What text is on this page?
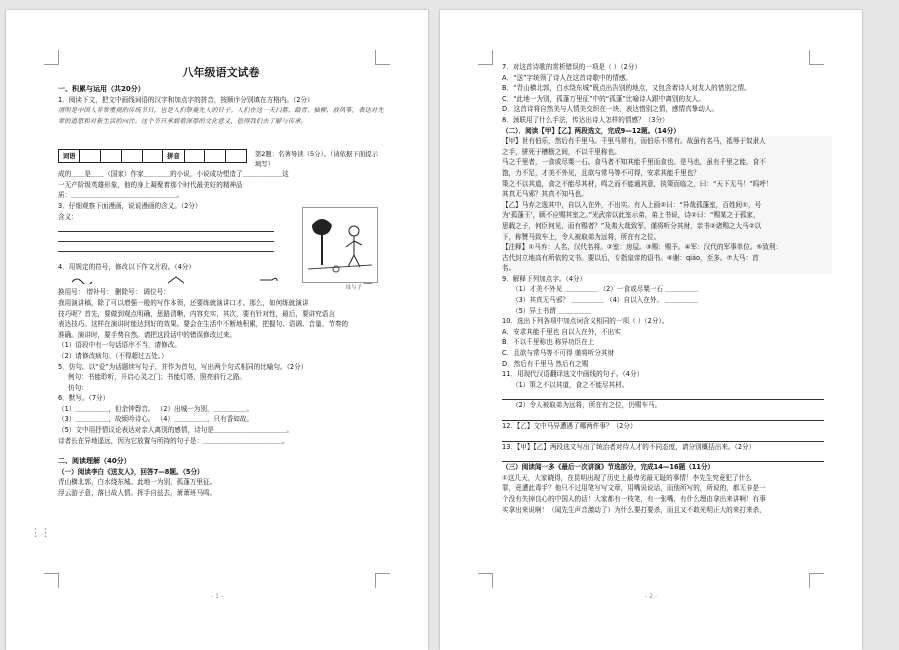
八年级语文试卷

一、积累与运用（共20分）

1．阅读下文，把文中画线词语的汉字和加点字的拼音，按顺序分别填在方格内。（2分）

清明是中国人非常重视的传统节日，也是人们祭奠先人的日子。人们在这一天扫墓、踏青、插柳、放风筝，表达对先辈的追思和对新生活的向往。这个节日承载着深厚的文化意义，值得我们去了解与传承。

词语					拼音				第2题：名著导读（5分）。（请依据下面提示填写）

成的＿＿是＿＿（国家）作家＿＿＿＿的小说，小说成功塑造了＿＿＿＿＿＿这

一无产阶级英雄形象，他的身上凝聚着那个时代最美好的精神品

质：＿＿＿＿＿＿＿＿＿＿＿＿＿＿＿＿。

3．仔细观察下面漫画，说说漫画的含义。（2分）

含义：

母与子

4．用规定的符号，修改以下作文片段。（4分）

换用号： 增补号： 删除号： 调位号：

我用演讲稿，除了可以增强一般的写作本领，还要练就演讲口才。那么，如何练就演讲

技巧呢？首先，要做到观点明确，思路清晰，内容充实，其次，要有针对性，最后，要讲究语言

表达技巧。这样在演讲时能达到好的效果。要会在生活中不断地积累，把握句、语调、音量、节奏的

准确。演讲时，要手势自然。请把这段话中的错误修改过来。

（1）语段中有一句话语序不当，请修改。

（2）请修改病句。（不得超过五处。）

5．仿句。以“爱”为话题续写句子，并作为首句，写出两个句式相同的比喻句。（2分）

例句：书能聆听，开启心灵之门；书能灯塔，照亮前行之路。

仿句：

6．默写。（7分）

（1）＿＿＿＿＿，但余钟磬音。 （2）出城一为别，＿＿＿＿＿。

（3）＿＿＿＿＿，故烦吟诗心。 （4）＿＿＿＿＿，只有香如故。

（5）文中用抒情议论表达对亲人离别的感情，诗句是＿＿＿＿＿＿＿＿＿＿＿。

诗者长在异地遥远，因为它放置与所持的句子是：＿＿＿＿＿＿＿＿＿＿＿＿。

二、阅读理解（40分）

（一）阅读李白《送友人》，回答7—8题。（5分）

青山横北郭，白水绕东城。此地一为别，孤蓬万里征。

浮云游子意，落日故人情。挥手自兹去，萧萧班马鸣。

- 1 -
⋮⋮

7．对这首诗歌的赏析错误的一项是（ ）（2分）

A．“送”字统领了诗人在这首诗歌中的情感。

B．“青山横北郭，白水绕东城”既点出告别的地点，又包含着诗人对友人的惜别之情。

C．“此地一为别，孤蓬万里征”中的“孤蓬”比喻诗人跟中离别的友人。

D．这首诗将自然美与人情美交织在一块，表达惜别之情，感情真挚动人。

8．颈联用了什么手法，传达出诗人怎样的情感？（3分）

（二）．阅读【甲】【乙】两段选文，完成9—12题。（14分）

【甲】世有伯乐，然后有千里马。千里马常有，而伯乐不常有。故虽有名马，祗辱于奴隶人

之手，骈死于槽枥之间，不以千里称也。

马之千里者，一食或尽粟一石。食马者不知其能千里而食也。是马也，虽有千里之能，食不

饱，力不足，才美不外见，且欲与常马等不可得，安求其能千里也？

策之不以其道，食之不能尽其材，鸣之而不能通其意，执策而临之，曰：“天下无马！”呜呼！

其真无马邪？其真不知马也。

【乙】马弃之逸其中，自以入在外，不出实。有人上画②曰：“异哉孤蓬室，百姓间①，号

为‘孤蓬王’，顾不应赐其室之。”光武帝以此室示弟，弟上书说，诗②曰：“赐某之于孤家，

思载之子，何臣何见，而有赐者？”及弗大哉致军，谨将听分其财，亲书②诸赐之大马②以

下，称赞马致车上，令人被取弟为远将，所在有之位。

【注释】①马弃：人名，汉代名将。②室：房屋。③赐：赐予。④军：汉代的军事单位。⑤致利：

古代封立地高有所依的文书。要以后，专指皇帝的诏书。⑥谢：qiáo，至多。⑦大马：首

名。

9．解释下列加点字。（4分）

（1）才美不外见 ＿＿＿＿＿ （2）一食或尽粟一石 ＿＿＿＿＿

（3）其真无马邪？ ＿＿＿＿＿ （4）自以入在外。 ＿＿＿＿＿

（5）异上书谓 ＿＿＿＿＿

10．选出下列各项中加点词含义相同的一项（ ）（2分）。

A．安求其能千里也 自以入在外，不出实

B．不以千里称也 称异功臣在上

C．且欲与常马等不可得 谨将听分其财

D．然后有千里马 然后有之赐

11．用现代汉语翻译选文中画线的句子。（4分）

（1）策之不以其道，食之不能尽其材。

（2）令人被取弟为远将，所在有之位，仍赐车马。

12．【乙】文中马异遭遇了哪两件事？（2分）

13．【甲】【乙】两段选文写出了统治者对待人才的不同态度，请分别概括出来。（2分）

（三）阅读闻一多《最后一次讲演》节选部分，完成14—16题（11分）

①这几天，大家晓得，在昆明出现了历史上最卑劣最无耻的事情！李先生究竟犯了什么

罪，竟遭此毒手？他只不过用笔写写文章，用嘴说说话，而他所写的，所说的，都无非是一

个没有失掉良心的中国人的话！大家都有一枝笔，有一张嘴，有什么理由拿出来讲啊！有事

实拿出来说啊！（闻先生声音激动了）为什么要打要杀，而且又不敢光明正大的来打来杀，

- 2 -
